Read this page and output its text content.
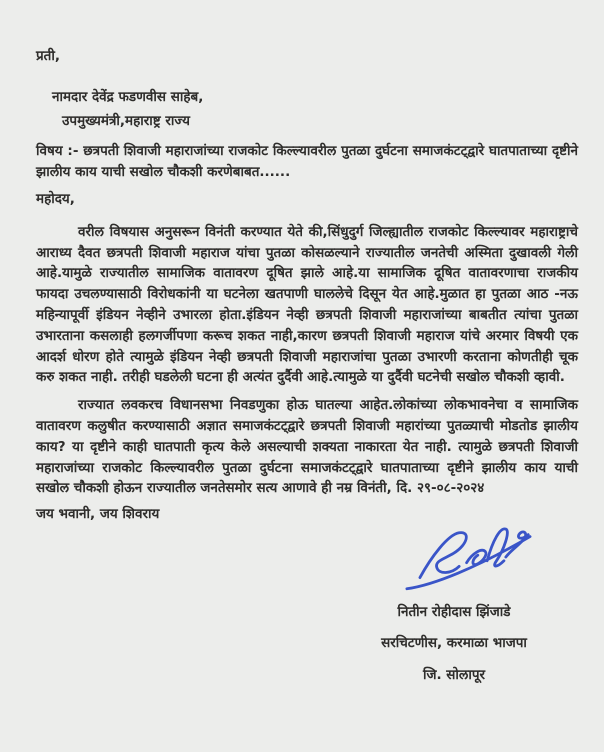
प्रती,
नामदार देवेंद्र फडणवीस साहेब,
उपमुख्यमंत्री,महाराष्ट्र राज्य
विषय :- छत्रपती शिवाजी महाराजांच्या राजकोट किल्ल्यावरील पुतळा दुर्घटना समाजकंटट्द्वारे घातपाताच्या दृष्टीने झालीय काय याची सखोल चौकशी करणेबाबत......
महोदय,

वरील विषयास अनुसरून विनंती करण्यात येते की,सिंधुदुर्ग जिल्ह्यातील राजकोट किल्ल्यावर महाराष्ट्राचे आराध्य दैवत छत्रपती शिवाजी महाराज यांचा पुतळा कोसळल्याने राज्यातील जनतेची अस्मिता दुखावली गेली आहे.यामुळे राज्यातील सामाजिक वातावरण दूषित झाले आहे.या सामाजिक दूषित वातावरणाचा राजकीय फायदा उचलण्यासाठी विरोधकांनी या घटनेला खतपाणी घाललेचे दिसून येत आहे.मुळात हा पुतळा आठ -नऊ महिन्यापूर्वी इंडियन नेव्हीने उभारला होता.इंडियन नेव्ही छत्रपती शिवाजी महाराजांच्या बाबतीत त्यांचा पुतळा उभारताना कसलाही हलगर्जीपणा करूच शकत नाही,कारण छत्रपती शिवाजी महाराज यांचे अरमार विषयी एक आदर्श धोरण होते त्यामुळे इंडियन नेव्ही छत्रपती शिवाजी महाराजांचा पुतळा उभारणी करताना कोणतीही चूक करु शकत नाही. तरीही घडलेली घटना ही अत्यंत दुर्दैवी आहे.त्यामुळे या दुर्दैवी घटनेची सखोल चौकशी व्हावी.

राज्यात लवकरच विधानसभा निवडणुका होऊ घातल्या आहेत.लोकांच्या लोकभावनेचा व सामाजिक वातावरण कलुषीत करण्यासाठी अज्ञात समाजकंटट्द्वारे छत्रपती शिवाजी महारांच्या पुतळ्याची मोडतोड झालीय काय? या दृष्टीने काही घातपाती कृत्य केले असल्याची शक्यता नाकारता येत नाही. त्यामुळे छत्रपती शिवाजी महाराजांच्या राजकोट किल्ल्यावरील पुतळा दुर्घटना समाजकंटट्द्वारे घातपाताच्या दृष्टीने झालीय काय याची सखोल चौकशी होऊन राज्यातील जनतेसमोर सत्य आणावे ही नम्र विनंती, दि. २९-०८-२०२४

जय भवानी, जय शिवराय
नितीन रोहीदास झिंजाडे
सरचिटणीस, करमाळा भाजपा
जि. सोलापूर
